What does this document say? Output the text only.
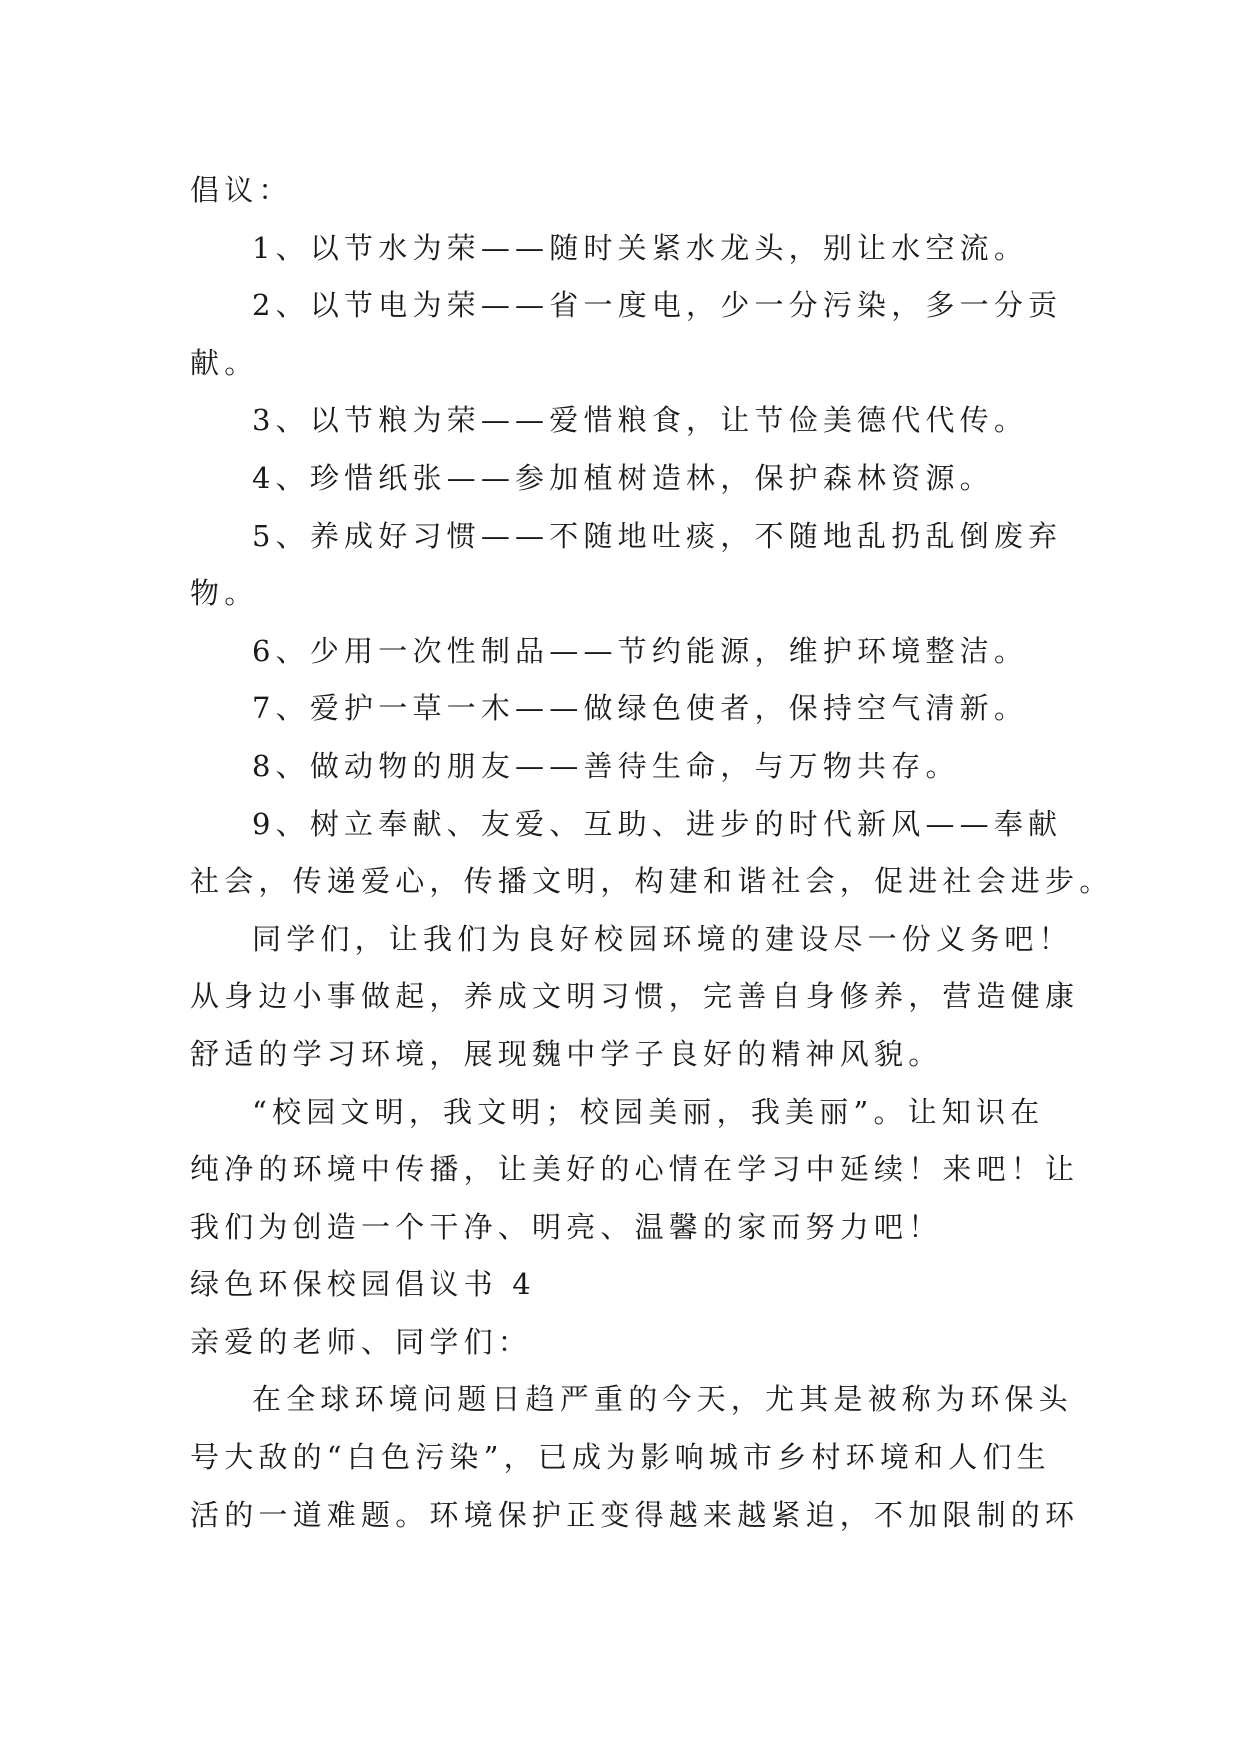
倡议：
1、以节水为荣——随时关紧水龙头，别让水空流。
2、以节电为荣——省一度电，少一分污染，多一分贡
献。
3、以节粮为荣——爱惜粮食，让节俭美德代代传。
4、珍惜纸张——参加植树造林，保护森林资源。
5、养成好习惯——不随地吐痰，不随地乱扔乱倒废弃
物。
6、少用一次性制品——节约能源，维护环境整洁。
7、爱护一草一木——做绿色使者，保持空气清新。
8、做动物的朋友——善待生命，与万物共存。
9、树立奉献、友爱、互助、进步的时代新风——奉献
社会，传递爱心，传播文明，构建和谐社会，促进社会进步。
同学们，让我们为良好校园环境的建设尽一份义务吧！
从身边小事做起，养成文明习惯，完善自身修养，营造健康
舒适的学习环境，展现魏中学子良好的精神风貌。
“校园文明，我文明；校园美丽，我美丽”。让知识在
纯净的环境中传播，让美好的心情在学习中延续！来吧！让
我们为创造一个干净、明亮、温馨的家而努力吧！
绿色环保校园倡议书 4
亲爱的老师、同学们：
在全球环境问题日趋严重的今天，尤其是被称为环保头
号大敌的“白色污染”，已成为影响城市乡村环境和人们生
活的一道难题。环境保护正变得越来越紧迫，不加限制的环
